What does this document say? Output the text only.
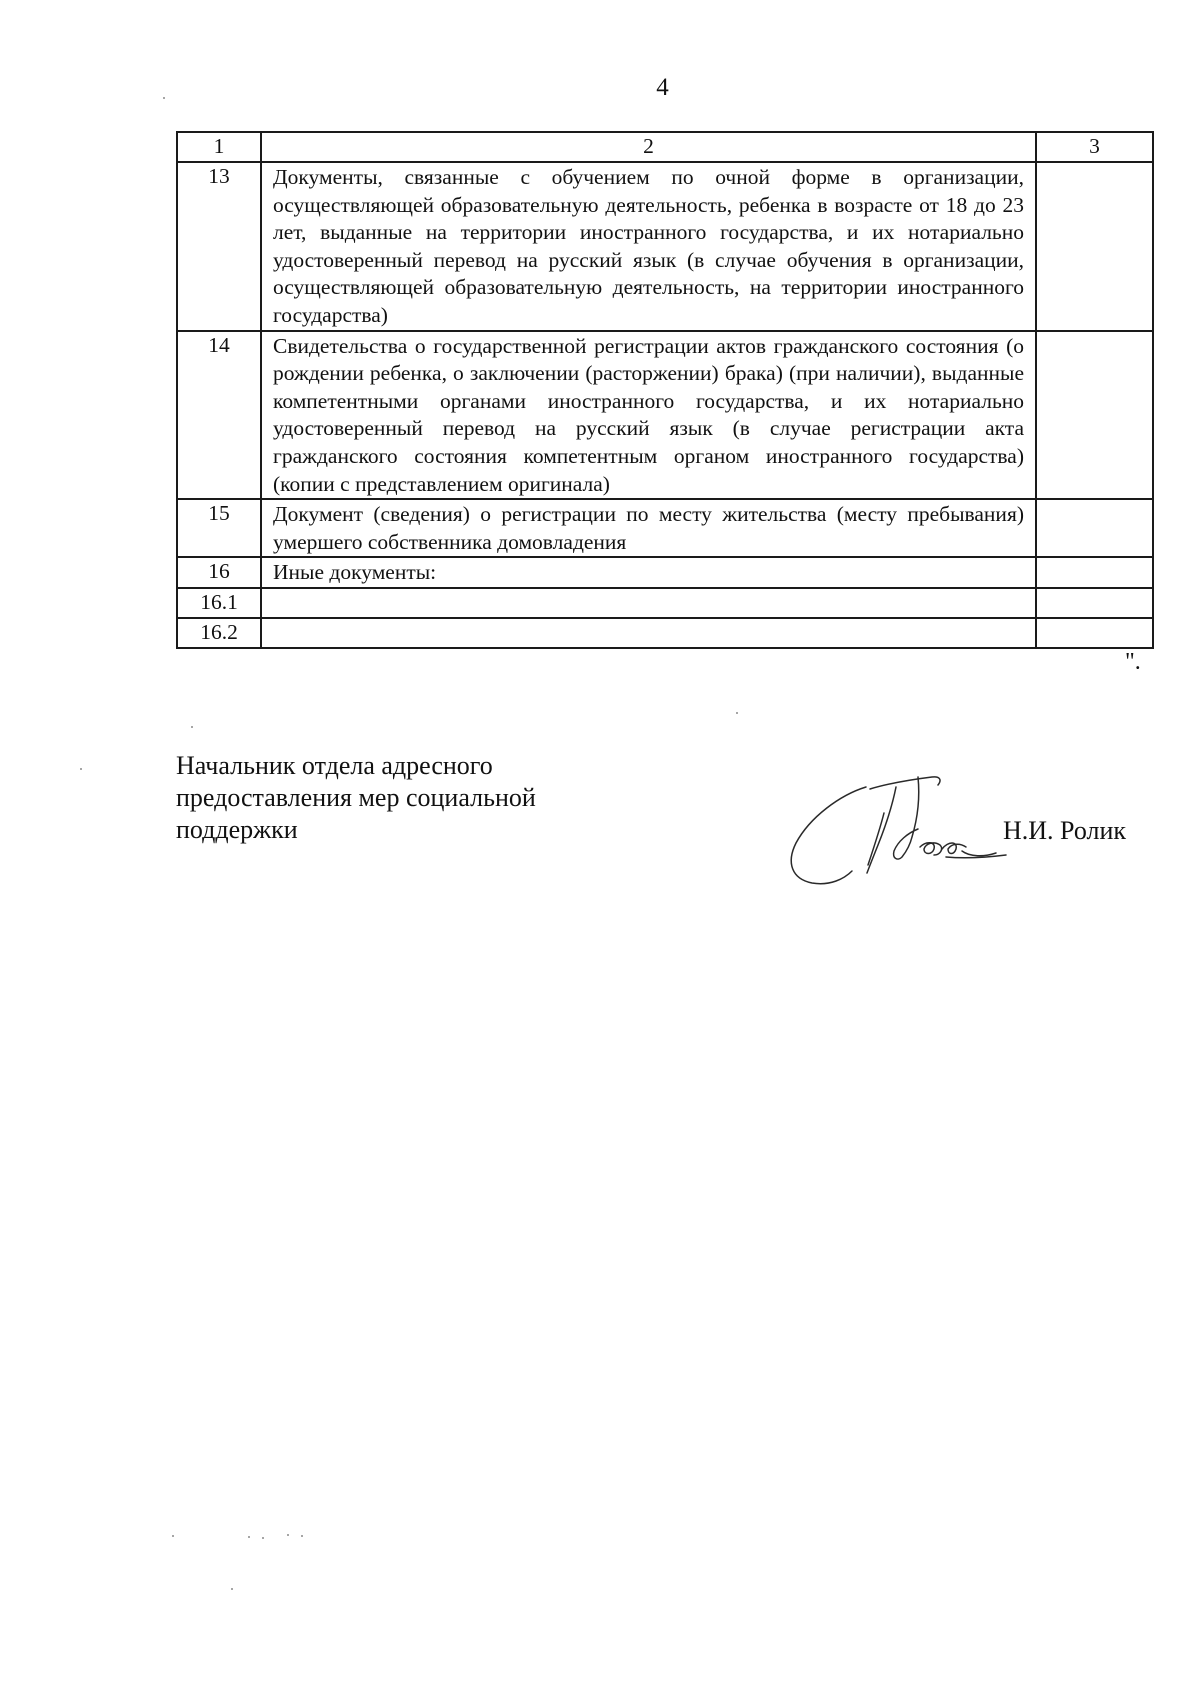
4
1	2	3
13	Документы, связанные с обучением по очной форме в организации, осуществляющей образовательную деятельность, ребенка в возрасте от 18 до 23 лет, выданные на территории иностранного государства, и их нотариально удостоверенный перевод на русский язык (в случае обучения в организации, осуществляющей образовательную деятельность, на территории иностранного государства)	
14	Свидетельства о государственной регистрации актов гражданского состояния (о рождении ребенка, о заключении (расторжении) брака) (при наличии), выданные компетентными органами иностранного государства, и их нотариально удостоверенный перевод на русский язык (в случае регистрации акта гражданского состояния компетентным органом иностранного государства) (копии с представлением оригинала)	
15	Документ (сведения) о регистрации по месту жительства (месту пребывания) умершего собственника домовладения	
16	Иные документы:	
16.1		
16.2		
".
Начальник отдела адресного
предоставления мер социальной
поддержки	Н.И. Ролик
